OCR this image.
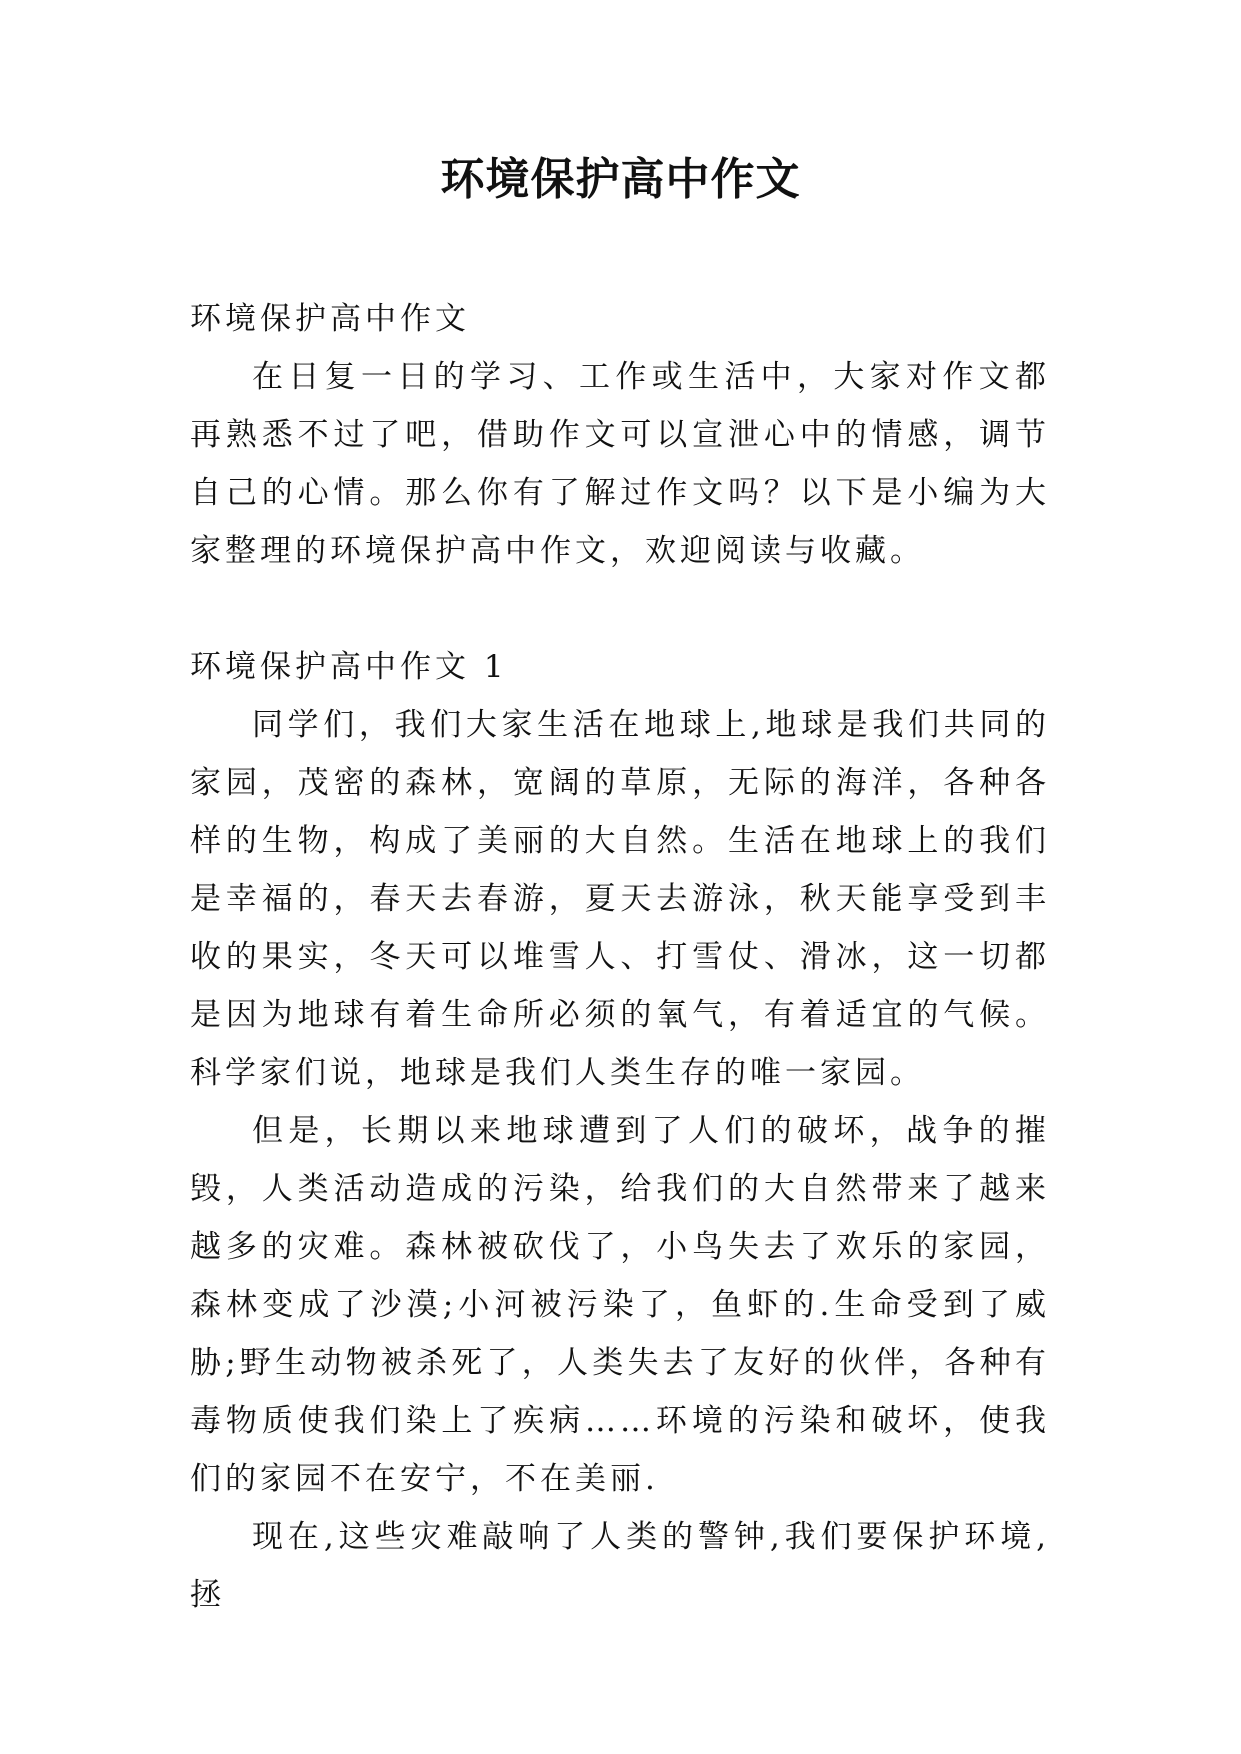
环境保护高中作文

环境保护高中作文

在日复一日的学习、工作或生活中，大家对作文都再熟悉不过了吧，借助作文可以宣泄心中的情感，调节自己的心情。那么你有了解过作文吗？以下是小编为大家整理的环境保护高中作文，欢迎阅读与收藏。

环境保护高中作文 1

同学们，我们大家生活在地球上,地球是我们共同的家园，茂密的森林，宽阔的草原，无际的海洋，各种各样的生物，构成了美丽的大自然。生活在地球上的我们是幸福的，春天去春游，夏天去游泳，秋天能享受到丰收的果实，冬天可以堆雪人、打雪仗、滑冰，这一切都是因为地球有着生命所必须的氧气，有着适宜的气候。科学家们说，地球是我们人类生存的唯一家园。

但是，长期以来地球遭到了人们的破坏，战争的摧毁，人类活动造成的污染，给我们的大自然带来了越来越多的灾难。森林被砍伐了，小鸟失去了欢乐的家园，森林变成了沙漠;小河被污染了，鱼虾的.生命受到了威胁;野生动物被杀死了，人类失去了友好的伙伴，各种有毒物质使我们染上了疾病……环境的污染和破坏，使我们的家园不在安宁，不在美丽.

现在,这些灾难敲响了人类的警钟,我们要保护环境,拯
